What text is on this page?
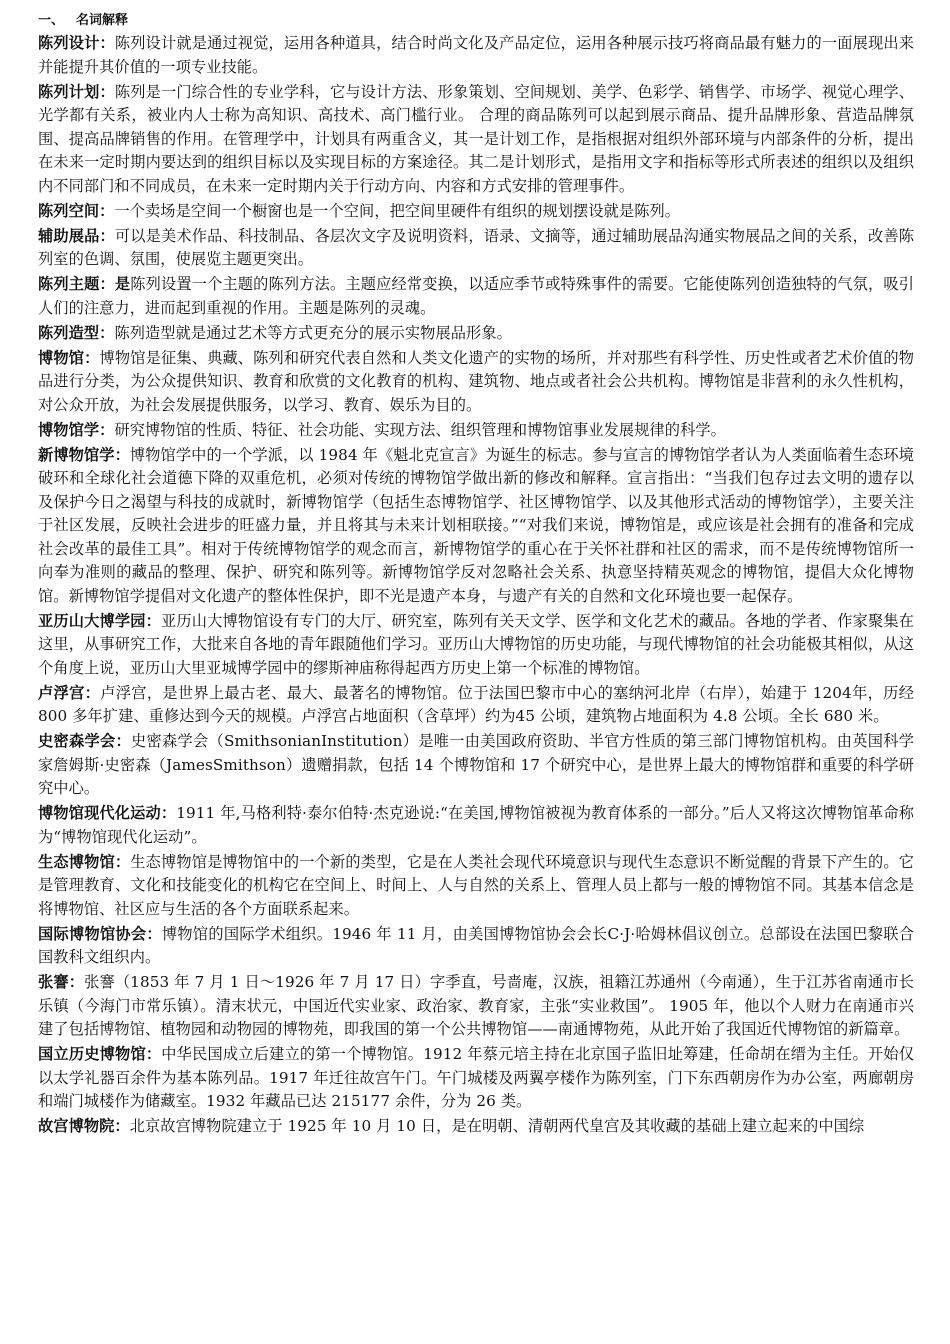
一、 名词解释

陈列设计：陈列设计就是通过视觉，运用各种道具，结合时尚文化及产品定位，运用各种展示技巧将商品最有魅力的一面展现出来并能提升其价值的一项专业技能。

陈列计划：陈列是一门综合性的专业学科，它与设计方法、形象策划、空间规划、美学、色彩学、销售学、市场学、视觉心理学、光学都有关系，被业内人士称为高知识、高技术、高门槛行业。 合理的商品陈列可以起到展示商品、提升品牌形象、营造品牌氛围、提高品牌销售的作用。在管理学中，计划具有两重含义，其一是计划工作，是指根据对组织外部环境与内部条件的分析，提出在未来一定时期内要达到的组织目标以及实现目标的方案途径。其二是计划形式，是指用文字和指标等形式所表述的组织以及组织内不同部门和不同成员，在未来一定时期内关于行动方向、内容和方式安排的管理事件。

陈列空间：一个卖场是空间一个橱窗也是一个空间，把空间里硬件有组织的规划摆设就是陈列。

辅助展品：可以是美术作品、科技制品、各层次文字及说明资料，语录、文摘等，通过辅助展品沟通实物展品之间的关系，改善陈列室的色调、氛围，使展览主题更突出。

陈列主题：是陈列设置一个主题的陈列方法。主题应经常变换，以适应季节或特殊事件的需要。它能使陈列创造独特的气氛，吸引人们的注意力，进而起到重视的作用。主题是陈列的灵魂。

陈列造型：陈列造型就是通过艺术等方式更充分的展示实物展品形象。

博物馆：博物馆是征集、典藏、陈列和研究代表自然和人类文化遗产的实物的场所，并对那些有科学性、历史性或者艺术价值的物品进行分类，为公众提供知识、教育和欣赏的文化教育的机构、建筑物、地点或者社会公共机构。博物馆是非营利的永久性机构，对公众开放，为社会发展提供服务，以学习、教育、娱乐为目的。

博物馆学：研究博物馆的性质、特征、社会功能、实现方法、组织管理和博物馆事业发展规律的科学。

新博物馆学：博物馆学中的一个学派，以 1984 年《魁北克宣言》为诞生的标志。参与宣言的博物馆学者认为人类面临着生态环境破环和全球化社会道德下降的双重危机，必须对传统的博物馆学做出新的修改和解释。宣言指出：“当我们包存过去文明的遗存以及保护今日之渴望与科技的成就时，新博物馆学（包括生态博物馆学、社区博物馆学、以及其他形式活动的博物馆学），主要关注于社区发展，反映社会进步的旺盛力量，并且将其与未来计划相联接。”“对我们来说，博物馆是，或应该是社会拥有的准备和完成社会改革的最佳工具”。相对于传统博物馆学的观念而言，新博物馆学的重心在于关怀社群和社区的需求，而不是传统博物馆所一向奉为准则的藏品的整理、保护、研究和陈列等。新博物馆学反对忽略社会关系、执意坚持精英观念的博物馆，提倡大众化博物馆。新博物馆学提倡对文化遗产的整体性保护，即不光是遗产本身，与遗产有关的自然和文化环境也要一起保存。

亚历山大博学园：亚历山大博物馆设有专门的大厅、研究室，陈列有关天文学、医学和文化艺术的藏品。各地的学者、作家聚集在这里，从事研究工作，大批来自各地的青年跟随他们学习。亚历山大博物馆的历史功能，与现代博物馆的社会功能极其相似，从这个角度上说，亚历山大里亚城博学园中的缪斯神庙称得起西方历史上第一个标准的博物馆。

卢浮宫：卢浮宫，是世界上最古老、最大、最著名的博物馆。位于法国巴黎市中心的塞纳河北岸（右岸），始建于 1204年，历经 800 多年扩建、重修达到今天的规模。卢浮宫占地面积（含草坪）约为45 公顷，建筑物占地面积为 4.8 公顷。全长 680 米。

史密森学会：史密森学会（SmithsonianInstitution）是唯一由美国政府资助、半官方性质的第三部门博物馆机构。由英国科学家詹姆斯·史密森（JamesSmithson）遗赠捐款，包括 14 个博物馆和 17 个研究中心，是世界上最大的博物馆群和重要的科学研究中心。

博物馆现代化运动：1911 年,马格利特·泰尔伯特·杰克逊说:“在美国,博物馆被视为教育体系的一部分。”后人又将这次博物馆革命称为“博物馆现代化运动”。

生态博物馆：生态博物馆是博物馆中的一个新的类型，它是在人类社会现代环境意识与现代生态意识不断觉醒的背景下产生的。它是管理教育、文化和技能变化的机构它在空间上、时间上、人与自然的关系上、管理人员上都与一般的博物馆不同。其基本信念是将博物馆、社区应与生活的各个方面联系起来。

国际博物馆协会：博物馆的国际学术组织。1946 年 11 月，由美国博物馆协会会长C·J·哈姆林倡议创立。总部设在法国巴黎联合国教科文组织内。

张謇：张謇（1853 年 7 月 1 日～1926 年 7 月 17 日）字季直，号啬庵，汉族，祖籍江苏通州（今南通），生于江苏省南通市长乐镇（今海门市常乐镇）。清末状元，中国近代实业家、政治家、教育家，主张“实业救国”。 1905 年，他以个人财力在南通市兴建了包括博物馆、植物园和动物园的博物苑，即我国的第一个公共博物馆——南通博物苑，从此开始了我国近代博物馆的新篇章。

国立历史博物馆：中华民国成立后建立的第一个博物馆。1912 年蔡元培主持在北京国子监旧址筹建，任命胡在缙为主任。开始仅以太学礼器百余件为基本陈列品。1917 年迁往故宫午门。午门城楼及两翼亭楼作为陈列室，门下东西朝房作为办公室，两廊朝房和端门城楼作为储藏室。1932 年藏品已达 215177 余件，分为 26 类。

故宫博物院：北京故宫博物院建立于 1925 年 10 月 10 日，是在明朝、清朝两代皇宫及其收藏的基础上建立起来的中国综
